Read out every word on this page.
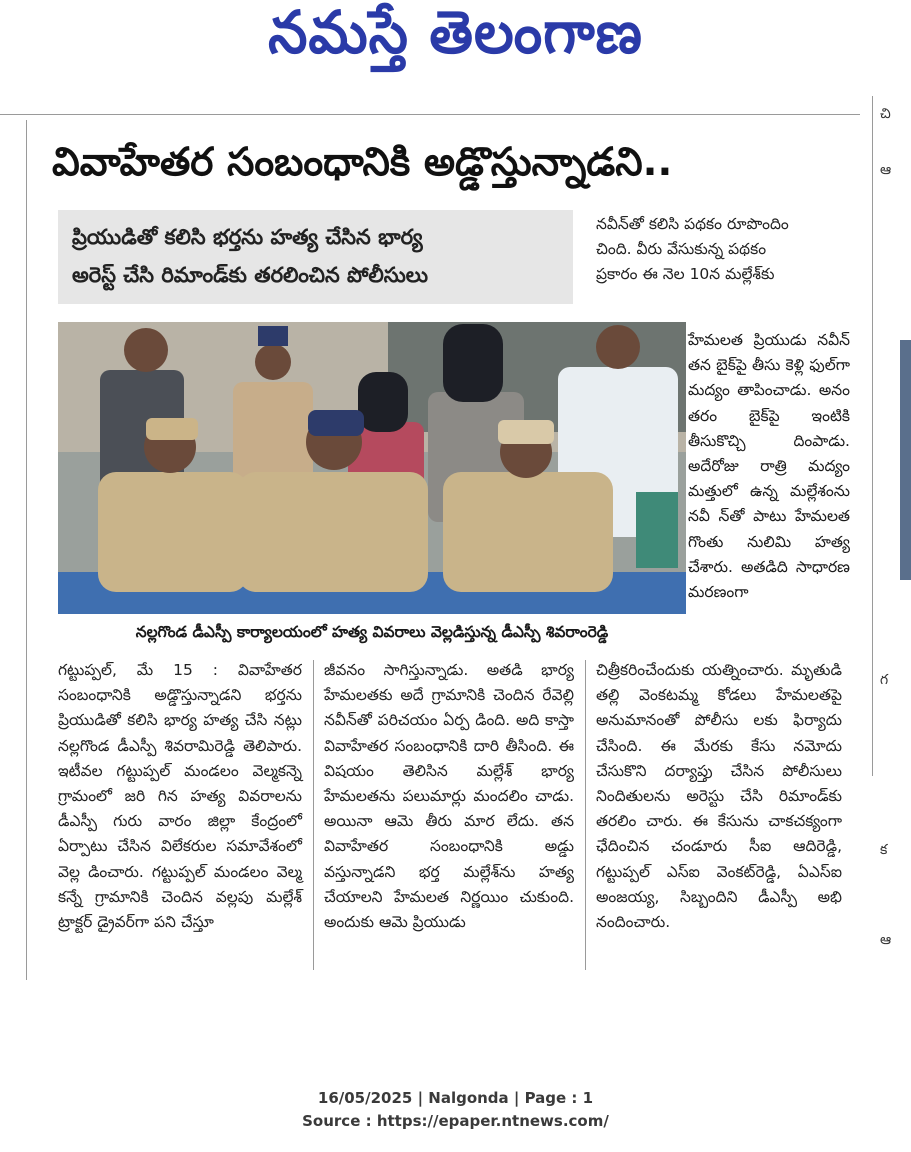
నమస్తే తెలంగాణ
వివాహేతర సంబంధానికి అడ్డొస్తున్నాడని..
ప్రియుడితో కలిసి భర్తను హత్య చేసిన భార్య
అరెస్ట్ చేసి రిమాండ్‌కు తరలించిన పోలీసులు

నవీన్‌తో కలిసి పథకం రూపొందిం

చింది. వీరు వేసుకున్న పథకం

ప్రకారం ఈ నెల 10న మల్లేశ్‌కు

హేమలత ప్రియుడు నవీన్ తన బైక్‌పై తీసు కెళ్లి ఫుల్‌గా మద్యం తాపించాడు. అనం తరం బైక్‌పై ఇంటికి తీసుకొచ్చి దింపాడు. అదేరోజు రాత్రి మద్యం మత్తులో ఉన్న మల్లేశంను నవీ న్‌తో పాటు హేమలత గొంతు నులిమి హత్య చేశారు. అతడిది సాధారణ మరణంగా
నల్లగొండ డీఎస్పీ కార్యాలయంలో హత్య వివరాలు వెల్లడిస్తున్న డీఎస్పీ శివరాంరెడ్డి
గట్టుప్పల్, మే 15 : వివాహేతర సంబంధానికి అడ్డొస్తున్నాడని భర్తను ప్రియుడితో కలిసి భార్య హత్య చేసి నట్లు నల్లగొండ డీఎస్పీ శివరామిరెడ్డి తెలిపారు. ఇటీవల గట్టుప్పల్ మండలం వెల్మకన్నె గ్రామంలో జరి గిన హత్య వివరాలను డీఎస్పీ గురు వారం జిల్లా కేంద్రంలో ఏర్పాటు చేసిన విలేకరుల సమావేశంలో వెల్ల డించారు. గట్టుప్పల్ మండలం వెల్మ కన్నే గ్రామానికి చెందిన వల్లపు మల్లేశ్ ట్రాక్టర్ డ్రైవర్‌గా పని చేస్తూ
జీవనం సాగిస్తున్నాడు. అతడి భార్య హేమలతకు అదే గ్రామానికి చెందిన రేవెల్లి నవీన్‌తో పరిచయం ఏర్ప డింది. అది కాస్తా వివాహేతర సంబంధానికి దారి తీసింది. ఈ విషయం తెలిసిన మల్లేశ్ భార్య హేమలతను పలుమార్లు మందలిం చాడు. అయినా ఆమె తీరు మార లేదు. తన వివాహేతర సంబంధానికి అడ్డు వస్తున్నాడని భర్త మల్లేశ్‌ను హత్య చేయాలని హేమలత నిర్ణయిం చుకుంది. అందుకు ఆమె ప్రియుడు
చిత్రీకరించేందుకు యత్నించారు. మృతుడి తల్లి వెంకటమ్మ కోడలు హేమలతపై అనుమానంతో పోలీసు లకు ఫిర్యాదు చేసింది. ఈ మేరకు కేసు నమోదు చేసుకొని దర్యాప్తు చేసిన పోలీసులు నిందితులను అరెస్టు చేసి రిమాండ్‌కు తరలిం చారు. ఈ కేసును చాకచక్యంగా ఛేదించిన చండూరు సీఐ ఆదిరెడ్డి, గట్టుప్పల్ ఎస్ఐ వెంకట్‌రెడ్డి, ఏఎస్ఐ అంజయ్య, సిబ్బందిని డీఎస్పీ అభి నందించారు.
చి
ఆ
గ
క
ఆ
16/05/2025 | Nalgonda | Page : 1
Source : https://epaper.ntnews.com/
